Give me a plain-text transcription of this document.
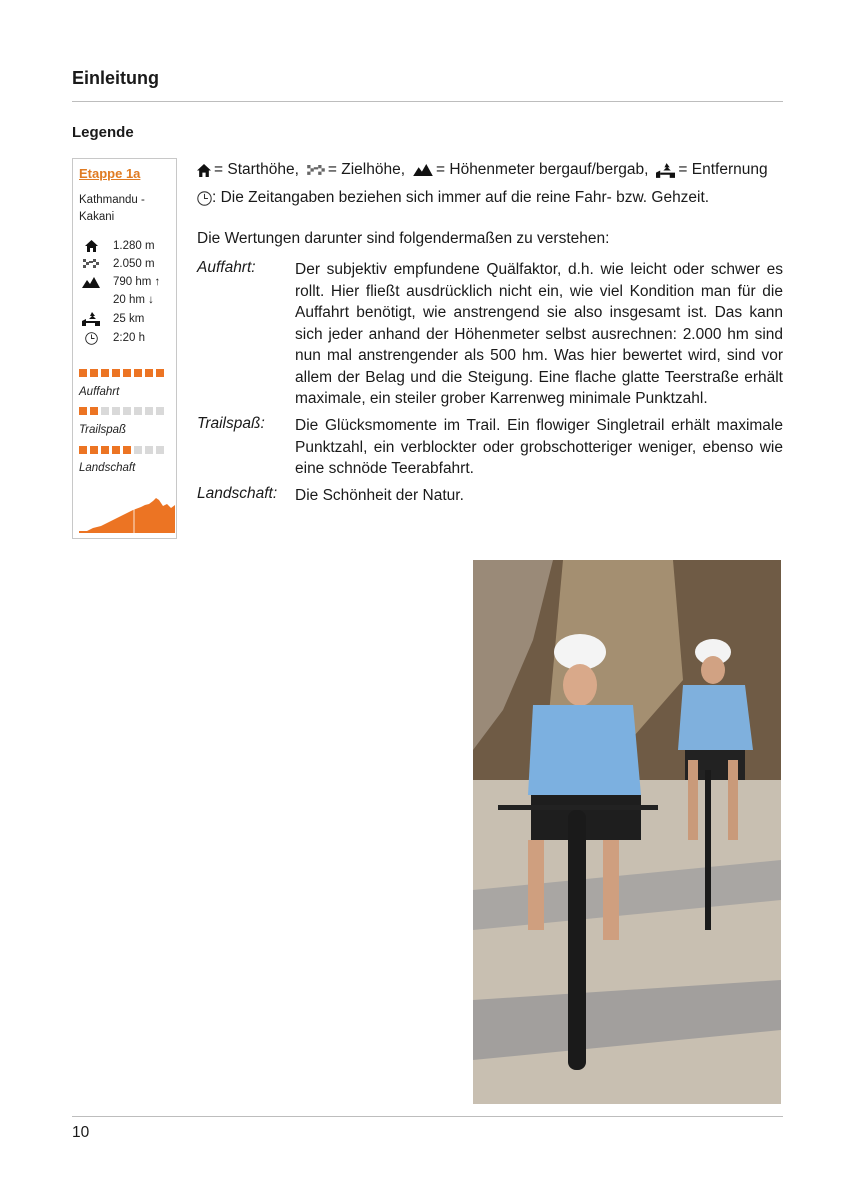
Einleitung
Legende
Etappe 1a
Kathmandu - Kakani
1.280 m
2.050 m
790 hm ↑
20 hm ↓
25 km
2:20 h
Auffahrt
Trailspaß
Landschaft
= Starthöhe, = Zielhöhe, = Höhenmeter bergauf/bergab, = Entfernung
: Die Zeitangaben beziehen sich immer auf die reine Fahr- bzw. Gehzeit.
Die Wertungen darunter sind folgendermaßen zu verstehen:
Auffahrt:	Der subjektiv empfundene Quälfaktor, d.h. wie leicht oder schwer es rollt. Hier fließt ausdrücklich nicht ein, wie viel Kondition man für die Auffahrt benötigt, wie anstrengend sie also insgesamt ist. Das kann sich jeder anhand der Höhenmeter selbst ausrechnen: 2.000 hm sind nun mal anstrengender als 500 hm. Was hier bewertet wird, sind vor allem der Belag und die Steigung. Eine flache glatte Teerstraße erhält maximale, ein steiler grober Karrenweg minimale Punktzahl.
Trailspaß: Die Glücksmomente im Trail. Ein flowiger Singletrail erhält maximale Punktzahl, ein verblockter oder grobschotteriger weniger, ebenso wie eine schnöde Teerabfahrt.
Landschaft: Die Schönheit der Natur.
10
